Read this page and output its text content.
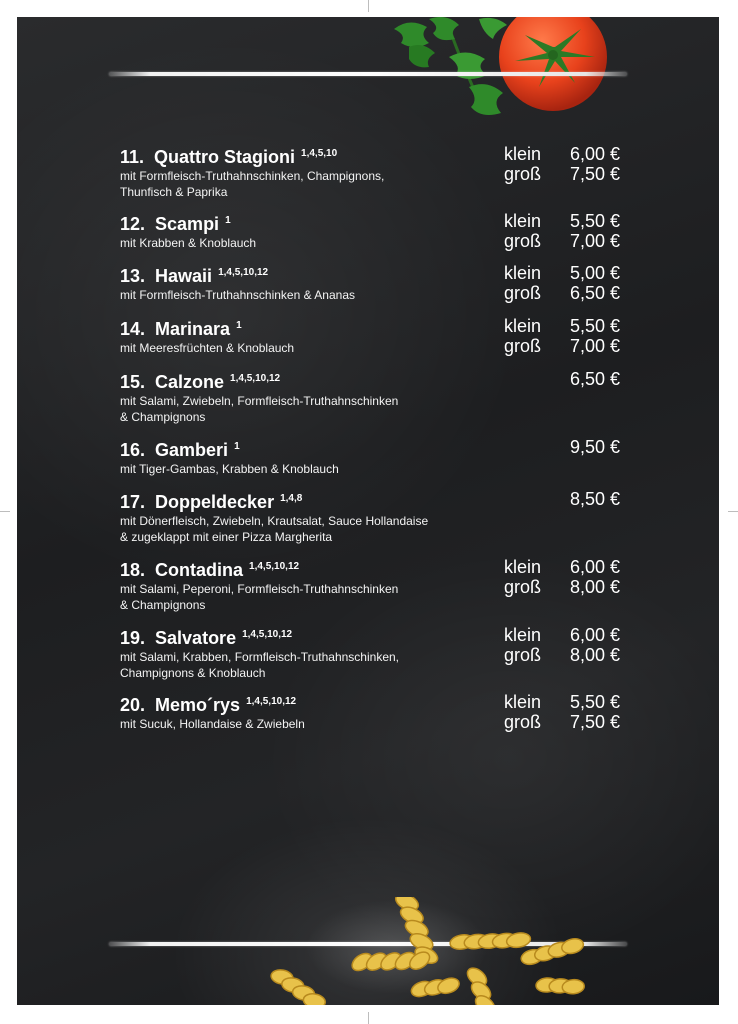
11. Quattro Stagioni $^{1,4,5,10}$
mit Formfleisch-Truthahnschinken, Champignons,
Thunfisch & Paprika
klein	6,00 €
groß	7,50 €
12. Scampi $^1$
mit Krabben & Knoblauch
klein	5,50 €
groß	7,00 €
13. Hawaii $^{1,4,5,10,12}$
mit Formfleisch-Truthahnschinken & Ananas
klein	5,00 €
groß	6,50 €
14. Marinara $^1$
mit Meeresfrüchten & Knoblauch
klein	5,50 €
groß	7,00 €
15. Calzone $^{1,4,5,10,12}$
mit Salami, Zwiebeln, Formfleisch-Truthahnschinken
& Champignons
6,50 €
16. Gamberi $^1$
mit Tiger-Gambas, Krabben & Knoblauch
9,50 €
17. Doppeldecker $^{1,4,8}$
mit Dönerfleisch, Zwiebeln, Krautsalat, Sauce Hollandaise
& zugeklappt mit einer Pizza Margherita
8,50 €
18. Contadina $^{1,4,5,10,12}$
mit Salami, Peperoni, Formfleisch-Truthahnschinken
& Champignons
klein	6,00 €
groß	8,00 €
19. Salvatore $^{1,4,5,10,12}$
mit Salami, Krabben, Formfleisch-Truthahnschinken,
Champignons & Knoblauch
klein	6,00 €
groß	8,00 €
20. Memo´rys $^{1,4,5,10,12}$
mit Sucuk, Hollandaise & Zwiebeln
klein	5,50 €
groß	7,50 €
